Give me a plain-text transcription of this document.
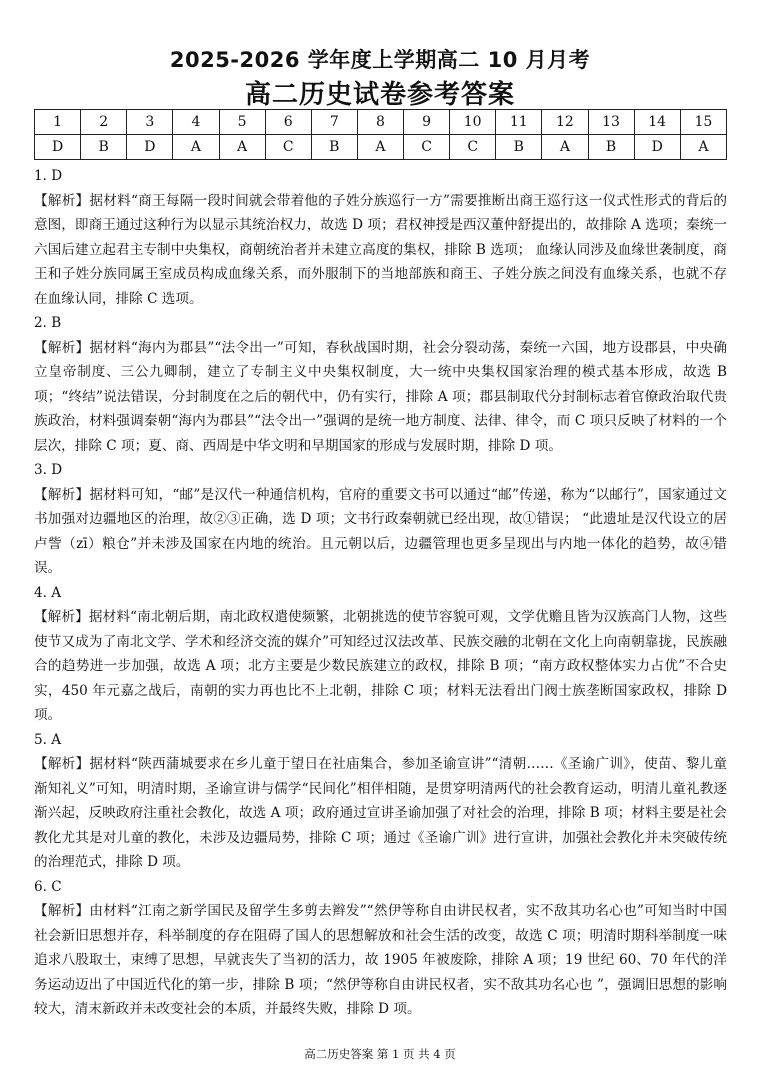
2025-2026 学年度上学期高二 10 月月考
高二历史试卷参考答案
1	2	3	4	5	6	7	8	9	10	11	12	13	14	15
D	B	D	A	A	C	B	A	C	C	B	A	B	D	A

1. D

【解析】据材料“商王每隔一段时间就会带着他的子姓分族巡行一方”需要推断出商王巡行这一仪式性形式的背后的意图，即商王通过这种行为以显示其统治权力，故选 D 项；君权神授是西汉董仲舒提出的，故排除 A 选项；秦统一六国后建立起君主专制中央集权，商朝统治者并未建立高度的集权，排除 B 选项； 血缘认同涉及血缘世袭制度，商王和子姓分族同属王室成员构成血缘关系，而外服制下的当地部族和商王、子姓分族之间没有血缘关系，也就不存在血缘认同，排除 C 选项。

2. B

【解析】据材料“海内为郡县”“法令出一”可知，春秋战国时期，社会分裂动荡，秦统一六国，地方设郡县，中央确立皇帝制度、三公九卿制，建立了专制主义中央集权制度，大一统中央集权国家治理的模式基本形成，故选 B 项；“终结”说法错误，分封制度在之后的朝代中，仍有实行，排除 A 项；郡县制取代分封制标志着官僚政治取代贵族政治，材料强调秦朝“海内为郡县”“法令出一”强调的是统一地方制度、法律、律令，而 C 项只反映了材料的一个层次，排除 C 项；夏、商、西周是中华文明和早期国家的形成与发展时期，排除 D 项。

3. D

【解析】据材料可知，“邮”是汉代一种通信机构，官府的重要文书可以通过“邮”传递，称为“以邮行”，国家通过文书加强对边疆地区的治理，故②③正确，选 D 项；文书行政秦朝就已经出现，故①错误； “此遗址是汉代设立的居卢訾（zī）粮仓”并未涉及国家在内地的统治。且元朝以后，边疆管理也更多呈现出与内地一体化的趋势，故④错误。

4. A

【解析】据材料“南北朝后期，南北政权遣使频繁，北朝挑选的使节容貌可观，文学优赡且皆为汉族高门人物，这些使节又成为了南北文学、学术和经济交流的媒介”可知经过汉法改革、民族交融的北朝在文化上向南朝靠拢，民族融合的趋势进一步加强，故选 A 项；北方主要是少数民族建立的政权，排除 B 项；“南方政权整体实力占优”不合史实，450 年元嘉之战后，南朝的实力再也比不上北朝，排除 C 项；材料无法看出门阀士族垄断国家政权，排除 D 项。

5. A

【解析】据材料“陕西蒲城要求在乡儿童于望日在社庙集合，参加圣谕宣讲”“清朝……《圣谕广训》，使苗、黎儿童渐知礼义”可知，明清时期，圣谕宣讲与儒学“民间化”相伴相随，是贯穿明清两代的社会教育运动，明清儿童礼教逐渐兴起，反映政府注重社会教化，故选 A 项；政府通过宣讲圣谕加强了对社会的治理，排除 B 项；材料主要是社会教化尤其是对儿童的教化，未涉及边疆局势，排除 C 项；通过《圣谕广训》进行宣讲，加强社会教化并未突破传统的治理范式，排除 D 项。

6. C

【解析】由材料“江南之新学国民及留学生多剪去辫发”“然伊等称自由讲民权者，实不敌其功名心也”可知当时中国社会新旧思想并存，科举制度的存在阻碍了国人的思想解放和社会生活的改变，故选 C 项；明清时期科举制度一味追求八股取士，束缚了思想，早就丧失了当初的活力，故 1905 年被废除，排除 A 项；19 世纪 60、70 年代的洋务运动迈出了中国近代化的第一步，排除 B 项；“然伊等称自由讲民权者，实不敌其功名心也 ”，强调旧思想的影响较大，清末新政并未改变社会的本质，并最终失败，排除 D 项。

高二历史答案 第 1 页 共 4 页
